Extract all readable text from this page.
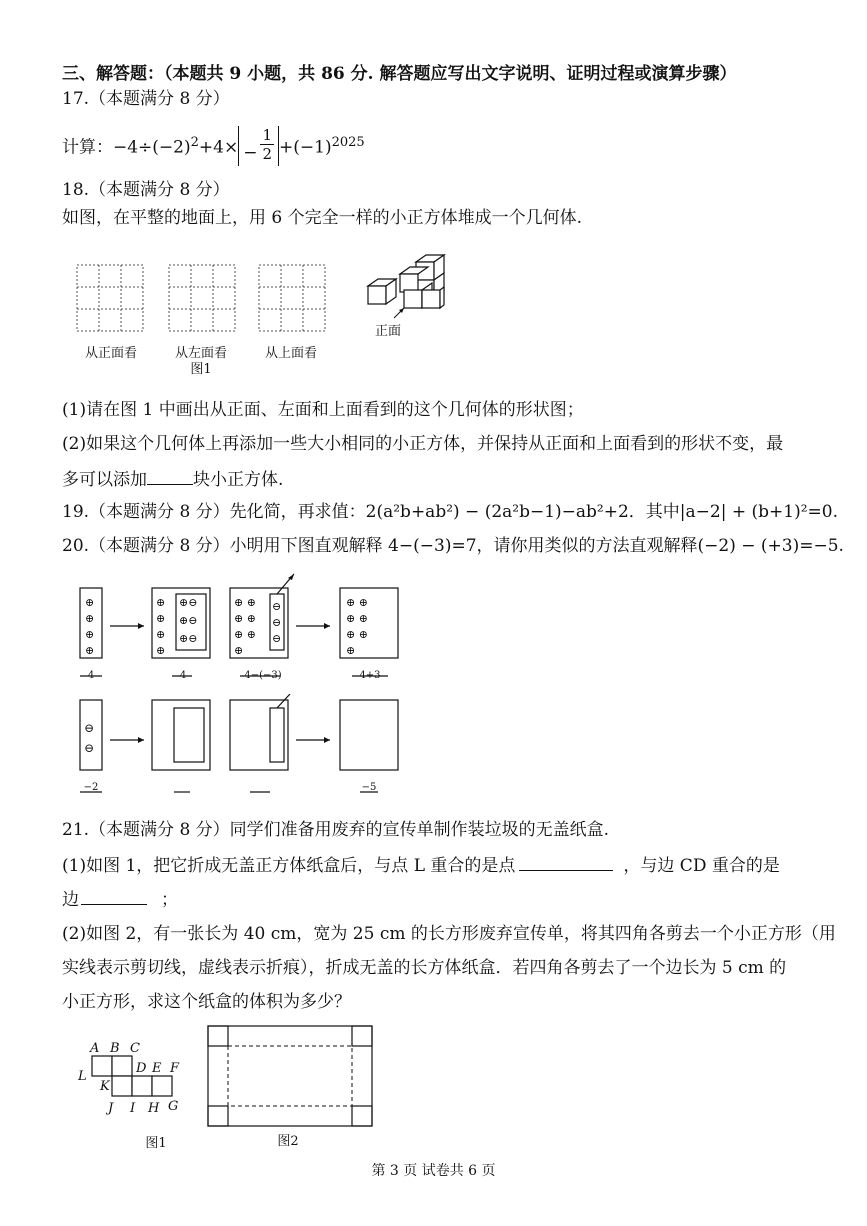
三、解答题：（本题共 9 小题，共 86 分. 解答题应写出文字说明、证明过程或演算步骤）
17.（本题满分 8 分）
计算：$-4\div(-2)^2+4\times - \frac{1}{2} +(-1)^{2025}$
18.（本题满分 8 分）
如图，在平整的地面上，用 6 个完全一样的小正方体堆成一个几何体.
从正面看	从左面看
图1
从上面看
正面
(1)请在图 1 中画出从正面、左面和上面看到的这个几何体的形状图；
(2)如果这个几何体上再添加一些大小相同的小正方体，并保持从正面和上面看到的形状不变，最
多可以添加	块小正方体.
19.（本题满分 8 分）先化简，再求值：2(a²b+ab²) − (2a²b−1)−ab²+2．其中|a−2| + (b+1)²=0.
20.（本题满分 8 分）小明用下图直观解释 4−(−3)=7，请你用类似的方法直观解释(−2) − (+3)=−5.
⊕
⊕
⊕
⊕
⊕
⊕
⊕
⊕
⊕⊖
⊕⊖
⊕⊖
⊕ ⊕
⊕ ⊕
⊕ ⊕
⊕
⊖
⊖
⊖
⊕ ⊕
⊕ ⊕
⊕ ⊕
⊕
4	4	4−(−3)	4+3
⊖
⊖
−2	−5
21.（本题满分 8 分）同学们准备用废弃的宣传单制作装垃圾的无盖纸盒.
(1)如图 1，把它折成无盖正方体纸盒后，与点 L 重合的是点	，与边 CD 重合的是
边	；
(2)如图 2，有一张长为 40 cm，宽为 25 cm 的长方形废弃宣传单，将其四角各剪去一个小正方形（用
实线表示剪切线，虚线表示折痕），折成无盖的长方体纸盒．若四角各剪去了一个边长为 5 cm 的
小正方形，求这个纸盒的体积为多少？
A B C
D E F
L
K
J I H G
图1	图2
第 3 页 试卷共 6 页
